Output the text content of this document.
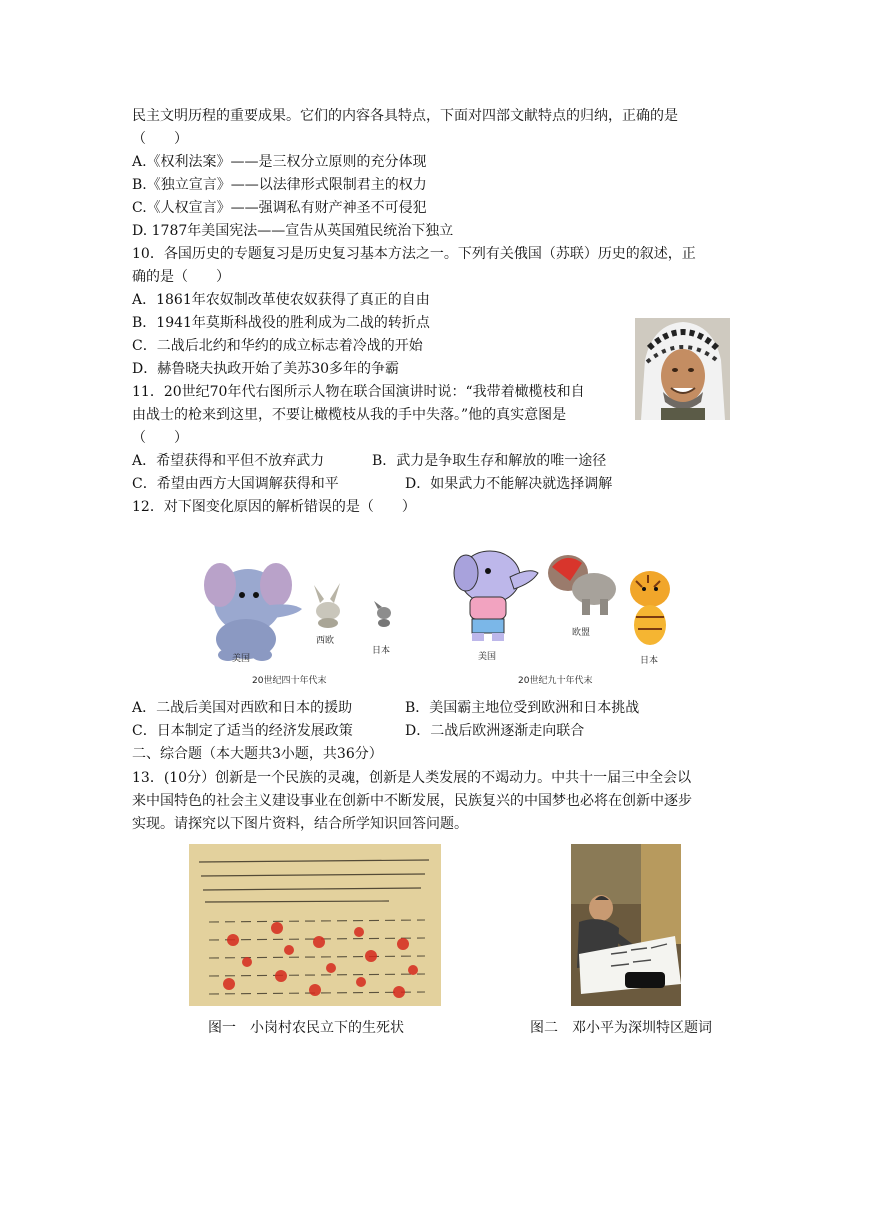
民主文明历程的重要成果。它们的内容各具特点，下面对四部文献特点的归纳，正确的是
（　　）
A.《权利法案》——是三权分立原则的充分体现
B.《独立宣言》——以法律形式限制君主的权力
C.《人权宣言》——强调私有财产神圣不可侵犯
D. 1787年美国宪法——宣告从英国殖民统治下独立
10．各国历史的专题复习是历史复习基本方法之一。下列有关俄国（苏联）历史的叙述，正
确的是（　　）
A．1861年农奴制改革使农奴获得了真正的自由
B．1941年莫斯科战役的胜利成为二战的转折点
C．二战后北约和华约的成立标志着冷战的开始
D．赫鲁晓夫执政开始了美苏30多年的争霸
11．20世纪70年代右图所示人物在联合国演讲时说：“我带着橄榄枝和自
由战士的枪来到这里，不要让橄榄枝从我的手中失落。”他的真实意图是
（　　）
A．希望获得和平但不放弃武力	B．武力是争取生存和解放的唯一途径
C．希望由西方大国调解获得和平	D．如果武力不能解决就选择调解
12．对下图变化原因的解析错误的是（　　）
美国
西欧
日本
20世纪四十年代末
美国
欧盟
日本
20世纪九十年代末
A．二战后美国对西欧和日本的援助	B．美国霸主地位受到欧洲和日本挑战
C．日本制定了适当的经济发展政策	D．二战后欧洲逐渐走向联合
二、综合题（本大题共3小题，共36分）
13．(10分）创新是一个民族的灵魂，创新是人类发展的不竭动力。中共十一届三中全会以
来中国特色的社会主义建设事业在创新中不断发展，民族复兴的中国梦也必将在创新中逐步
实现。请探究以下图片资料，结合所学知识回答问题。
图一　小岗村农民立下的生死状	图二　邓小平为深圳特区题词
